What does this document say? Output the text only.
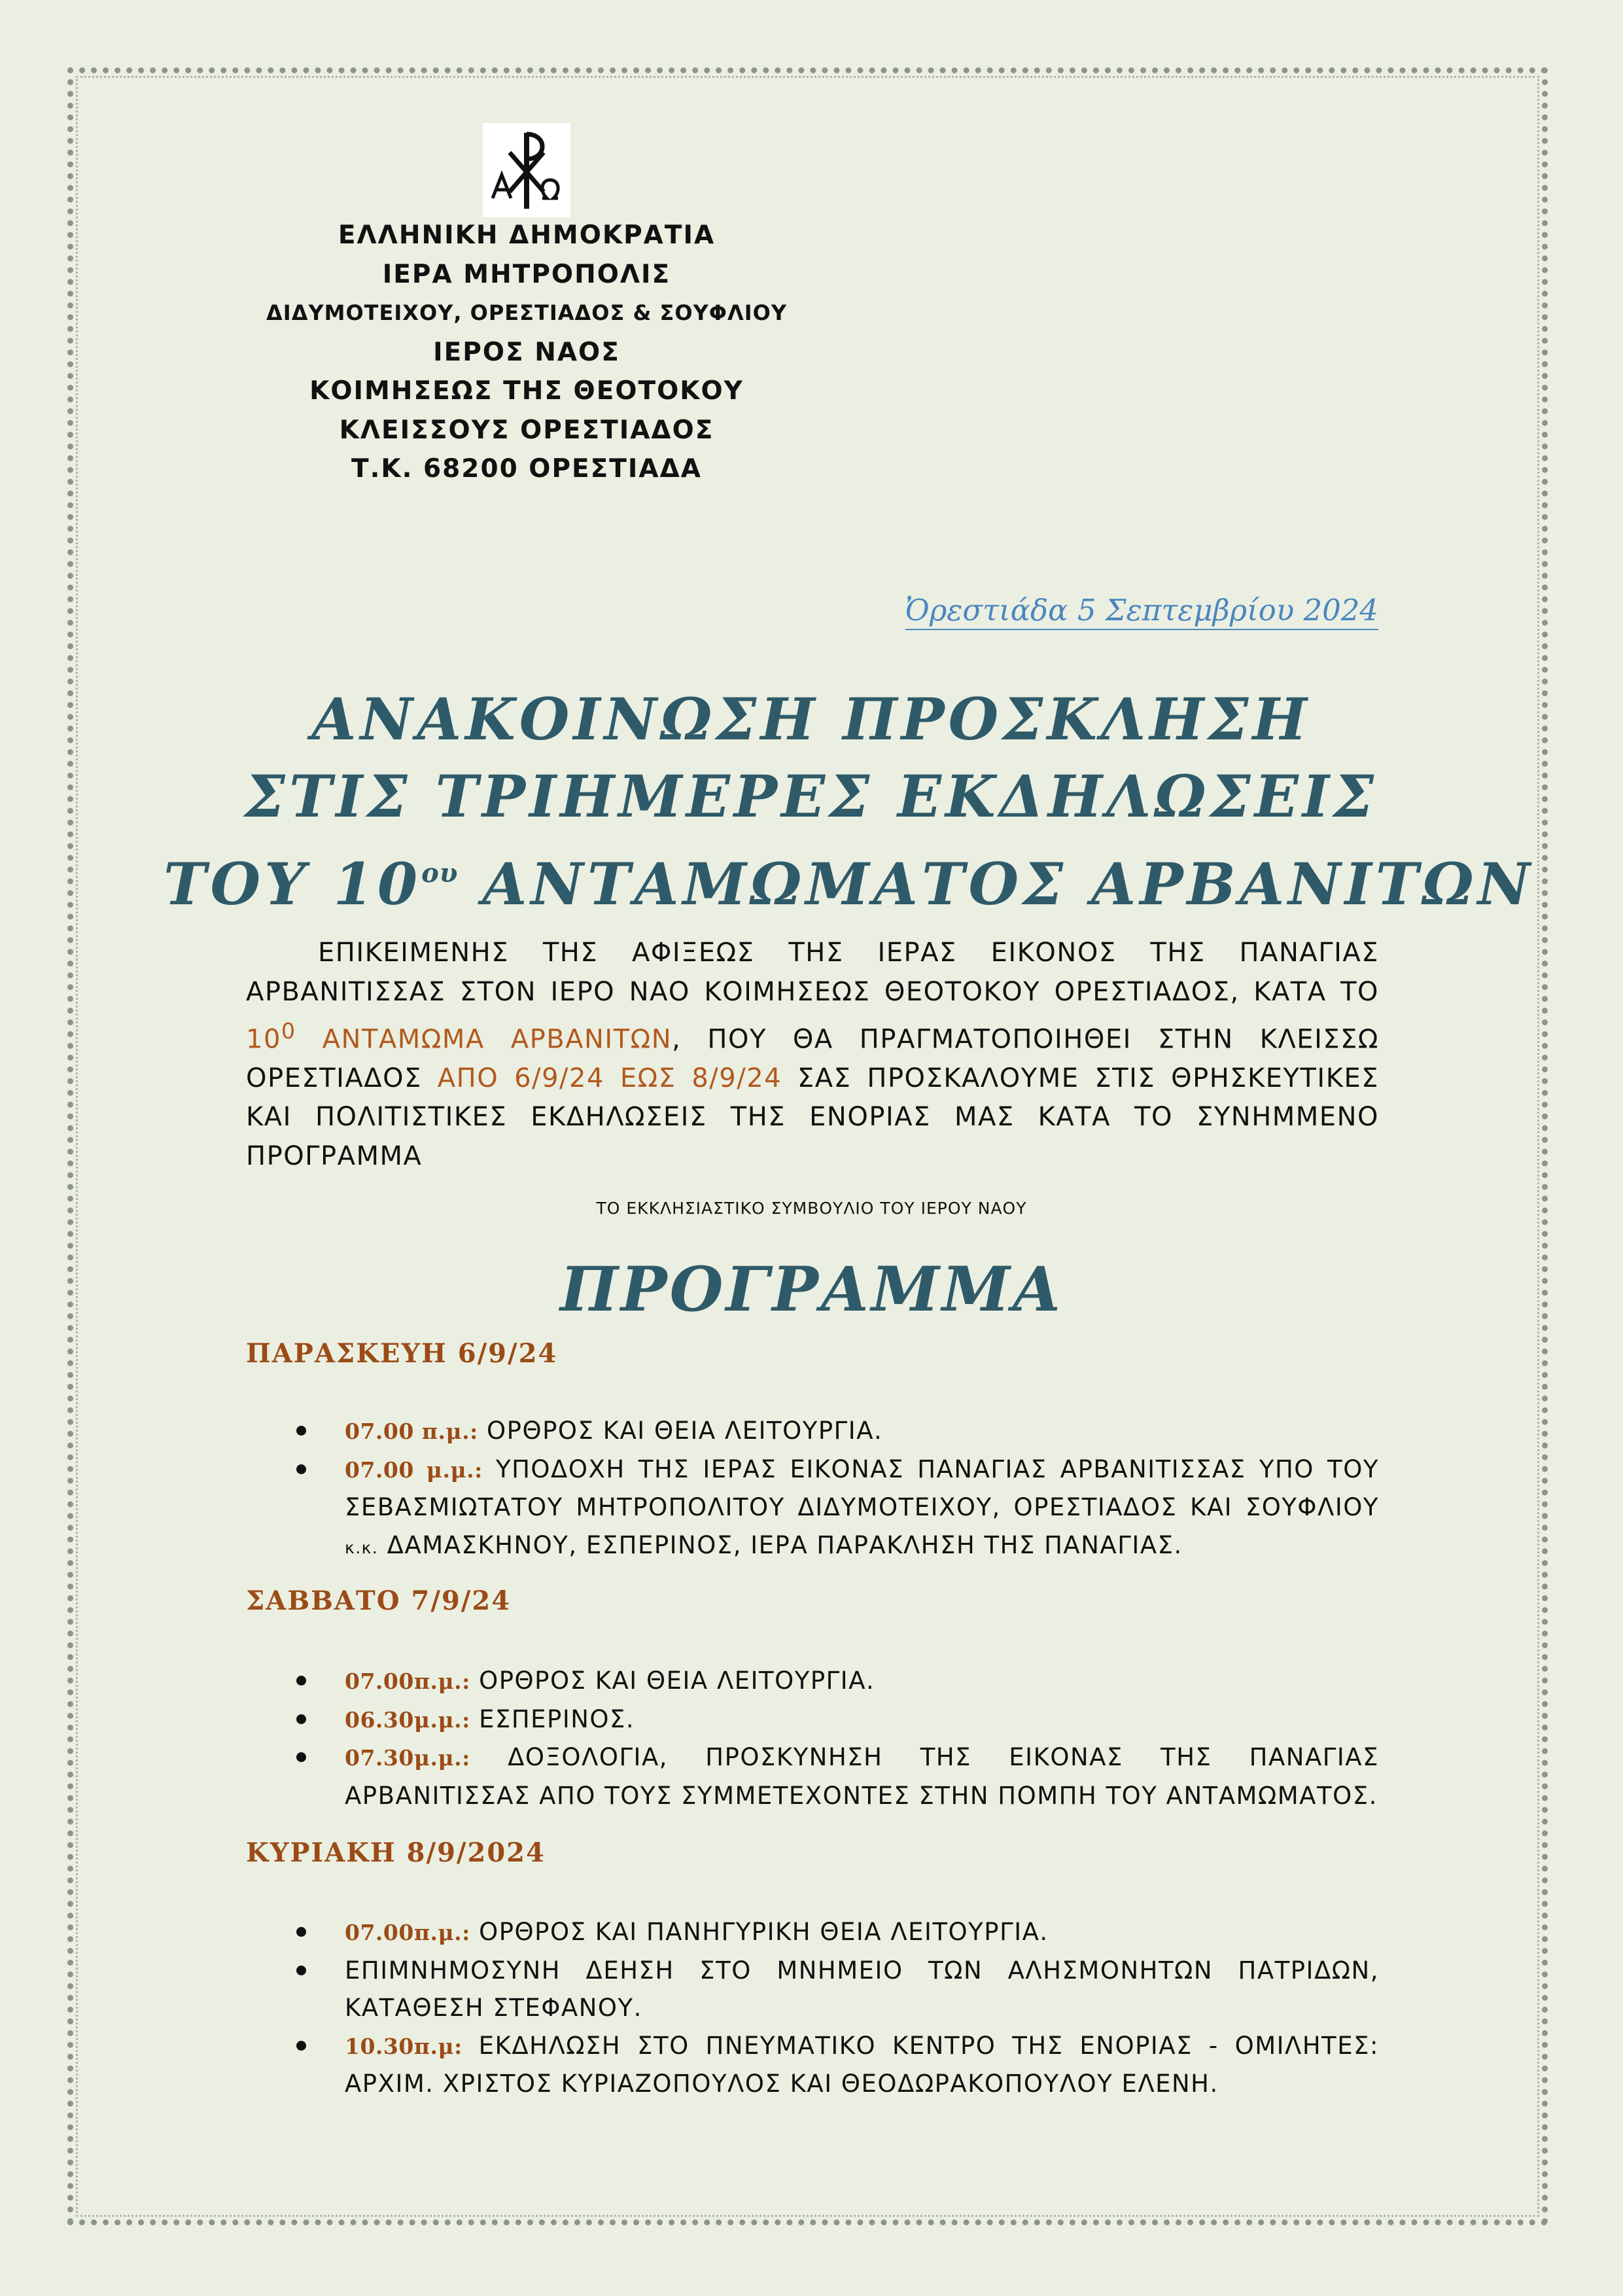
ΕΛΛΗΝΙΚΗ ΔΗΜΟΚΡΑΤΙΑ
ΙΕΡΑ ΜΗΤΡΟΠΟΛΙΣ
ΔΙΔΥΜΟΤΕΙΧΟΥ, ΟΡΕΣΤΙΑΔΟΣ & ΣΟΥΦΛΙΟΥ
ΙΕΡΟΣ ΝΑΟΣ
ΚΟΙΜΗΣΕΩΣ ΤΗΣ ΘΕΟΤΟΚΟΥ
ΚΛΕΙΣΣΟΥΣ ΟΡΕΣΤΙΑΔΟΣ
Τ.Κ. 68200 ΟΡΕΣΤΙΑΔΑ
Ὀρεστιάδα 5 Σεπτεμβρίου 2024
ΑΝΑΚΟΙΝΩΣΗ ΠΡΟΣΚΛΗΣΗ
ΣΤΙΣ ΤΡΙΗΜΕΡΕΣ ΕΚΔΗΛΩΣΕΙΣ
ΤΟΥ $10^{o\upsilon}$ ΑΝΤΑΜΩΜΑΤΟΣ ΑΡΒΑΝΙΤΩΝ
ΕΠΙΚΕΙΜΕΝΗΣ ΤΗΣ ΑΦΙΞΕΩΣ ΤΗΣ ΙΕΡΑΣ ΕΙΚΟΝΟΣ ΤΗΣ ΠΑΝΑΓΙΑΣ ΑΡΒΑΝΙΤΙΣΣΑΣ ΣΤΟΝ ΙΕΡΟ ΝΑΟ ΚΟΙΜΗΣΕΩΣ ΘΕΟΤΟΚΟΥ ΟΡΕΣΤΙΑΔΟΣ, ΚΑΤΑ ΤΟ $10^0$ ΑΝΤΑΜΩΜΑ ΑΡΒΑΝΙΤΩΝ, ΠΟΥ ΘΑ ΠΡΑΓΜΑΤΟΠΟΙΗΘΕΙ ΣΤΗΝ ΚΛΕΙΣΣΩ ΟΡΕΣΤΙΑΔΟΣ ΑΠΟ 6/9/24 ΕΩΣ 8/9/24 ΣΑΣ ΠΡΟΣΚΑΛΟΥΜΕ ΣΤΙΣ ΘΡΗΣΚΕΥΤΙΚΕΣ ΚΑΙ ΠΟΛΙΤΙΣΤΙΚΕΣ ΕΚΔΗΛΩΣΕΙΣ ΤΗΣ ΕΝΟΡΙΑΣ ΜΑΣ ΚΑΤΑ ΤΟ ΣΥΝΗΜΜΕΝΟ ΠΡΟΓΡΑΜΜΑ
ΤΟ ΕΚΚΛΗΣΙΑΣΤΙΚΟ ΣΥΜΒΟΥΛΙΟ ΤΟΥ ΙΕΡΟΥ ΝΑΟΥ
ΠΡΟΓΡΑΜΜΑ
ΠΑΡΑΣΚΕΥΗ 6/9/24
07.00 π.μ.: ΟΡΘΡΟΣ ΚΑΙ ΘΕΙΑ ΛΕΙΤΟΥΡΓΙΑ.
07.00 μ.μ.: ΥΠΟΔΟΧΗ ΤΗΣ ΙΕΡΑΣ ΕΙΚΟΝΑΣ ΠΑΝΑΓΙΑΣ ΑΡΒΑΝΙΤΙΣΣΑΣ ΥΠΟ ΤΟΥ ΣΕΒΑΣΜΙΩΤΑΤΟΥ ΜΗΤΡΟΠΟΛΙΤΟΥ ΔΙΔΥΜΟΤΕΙΧΟΥ, ΟΡΕΣΤΙΑΔΟΣ ΚΑΙ ΣΟΥΦΛΙΟΥ κ.κ. ΔΑΜΑΣΚΗΝΟΥ, ΕΣΠΕΡΙΝΟΣ, ΙΕΡΑ ΠΑΡΑΚΛΗΣΗ ΤΗΣ ΠΑΝΑΓΙΑΣ.
ΣΑΒΒΑΤΟ 7/9/24
07.00π.μ.: ΟΡΘΡΟΣ ΚΑΙ ΘΕΙΑ ΛΕΙΤΟΥΡΓΙΑ.
06.30μ.μ.: ΕΣΠΕΡΙΝΟΣ.
07.30μ.μ.: ΔΟΞΟΛΟΓΙΑ, ΠΡΟΣΚΥΝΗΣΗ ΤΗΣ ΕΙΚΟΝΑΣ ΤΗΣ ΠΑΝΑΓΙΑΣ ΑΡΒΑΝΙΤΙΣΣΑΣ ΑΠΟ ΤΟΥΣ ΣΥΜΜΕΤΕΧΟΝΤΕΣ ΣΤΗΝ ΠΟΜΠΗ ΤΟΥ ΑΝΤΑΜΩΜΑΤΟΣ.
ΚΥΡΙΑΚΗ 8/9/2024
07.00π.μ.: ΟΡΘΡΟΣ ΚΑΙ ΠΑΝΗΓΥΡΙΚΗ ΘΕΙΑ ΛΕΙΤΟΥΡΓΙΑ.
ΕΠΙΜΝΗΜΟΣΥΝΗ ΔΕΗΣΗ ΣΤΟ ΜΝΗΜΕΙΟ ΤΩΝ ΑΛΗΣΜΟΝΗΤΩΝ ΠΑΤΡΙΔΩΝ, ΚΑΤΑΘΕΣΗ ΣΤΕΦΑΝΟΥ.
10.30π.μ: ΕΚΔΗΛΩΣΗ ΣΤΟ ΠΝΕΥΜΑΤΙΚΟ ΚΕΝΤΡΟ ΤΗΣ ΕΝΟΡΙΑΣ - ΟΜΙΛΗΤΕΣ: ΑΡΧΙΜ. ΧΡΙΣΤΟΣ ΚΥΡΙΑΖΟΠΟΥΛΟΣ ΚΑΙ ΘΕΟΔΩΡΑΚΟΠΟΥΛΟΥ ΕΛΕΝΗ.
